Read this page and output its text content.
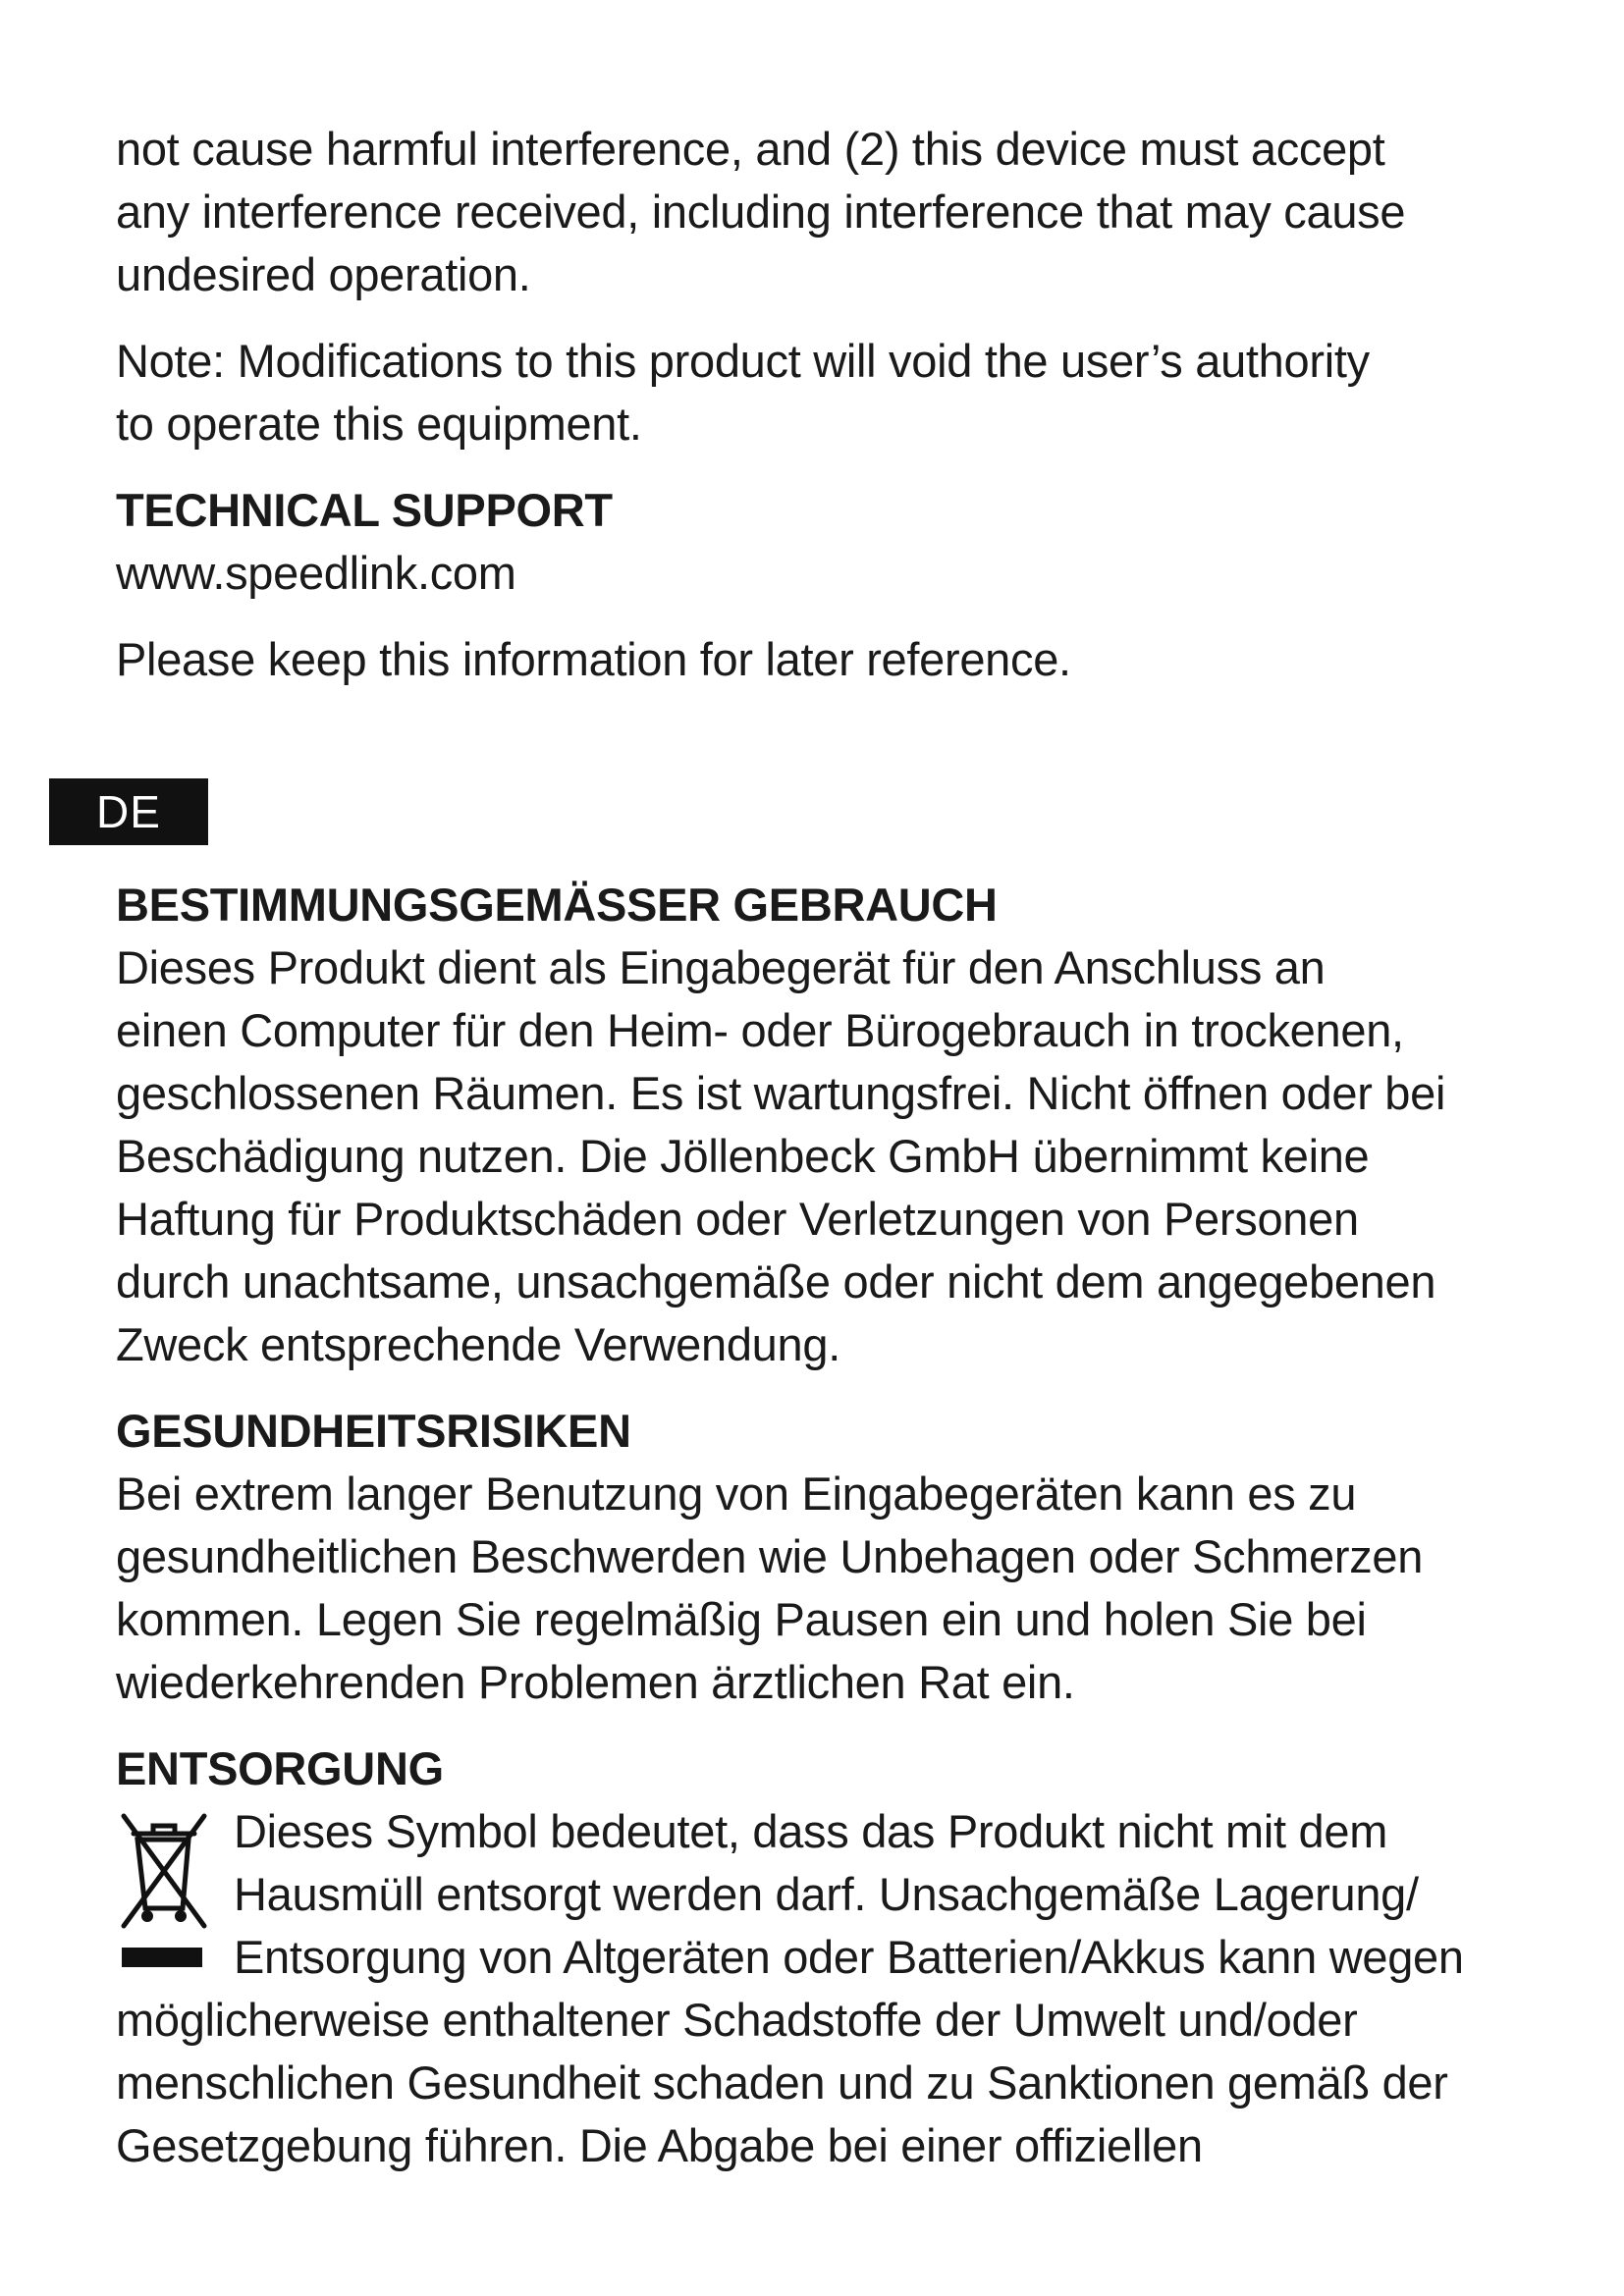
not cause harmful interference, and (2) this device must accept
any interference received, including interference that may cause
undesired operation.
Note: Modifications to this product will void the user’s authority
to operate this equipment.
TECHNICAL SUPPORT
www.speedlink.com
Please keep this information for later reference.
DE
BESTIMMUNGSGEMÄSSER GEBRAUCH
Dieses Produkt dient als Eingabegerät für den Anschluss an
einen Computer für den Heim- oder Bürogebrauch in trockenen,
geschlossenen Räumen. Es ist wartungsfrei. Nicht öffnen oder bei
Beschädigung nutzen. Die Jöllenbeck GmbH übernimmt keine
Haftung für Produktschäden oder Verletzungen von Personen
durch unachtsame, unsachgemäße oder nicht dem angegebenen
Zweck entsprechende Verwendung.
GESUNDHEITSRISIKEN
Bei extrem langer Benutzung von Eingabegeräten kann es zu
gesundheitlichen Beschwerden wie Unbehagen oder Schmerzen
kommen. Legen Sie regelmäßig Pausen ein und holen Sie bei
wiederkehrenden Problemen ärztlichen Rat ein.
ENTSORGUNG
Dieses Symbol bedeutet, dass das Produkt nicht mit dem
Hausmüll entsorgt werden darf. Unsachgemäße Lagerung/
Entsorgung von Altgeräten oder Batterien/Akkus kann wegen
möglicherweise enthaltener Schadstoffe der Umwelt und/oder
menschlichen Gesundheit schaden und zu Sanktionen gemäß der
Gesetzgebung führen. Die Abgabe bei einer offiziellen
